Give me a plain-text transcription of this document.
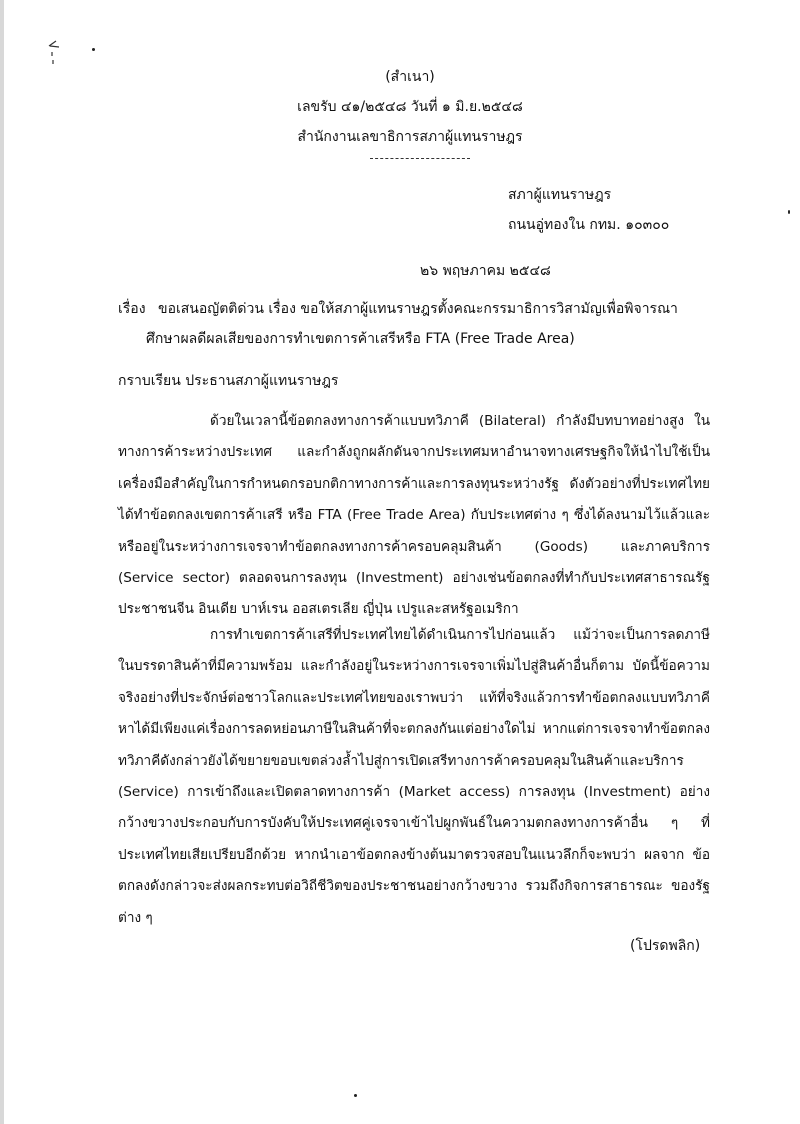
(สำเนา)
เลขรับ ๔๑/๒๕๔๘ วันที่ ๑ มิ.ย.๒๕๔๘
สำนักงานเลขาธิการสภาผู้แทนราษฎร
สภาผู้แทนราษฎร
ถนนอู่ทองใน กทม. ๑๐๓๐๐
๒๖ พฤษภาคม ๒๕๔๘
เรื่อง ขอเสนอญัตติด่วน เรื่อง ขอให้สภาผู้แทนราษฎรตั้งคณะกรรมาธิการวิสามัญเพื่อพิจารณา
ศึกษาผลดีผลเสียของการทำเขตการค้าเสรีหรือ FTA (Free Trade Area)
กราบเรียน ประธานสภาผู้แทนราษฎร
ด้วยในเวลานี้ข้อตกลงทางการค้าแบบทวิภาคี (Bilateral) กำลังมีบทบาทอย่างสูง ในทางการค้าระหว่างประเทศ และกำลังถูกผลักดันจากประเทศมหาอำนาจทางเศรษฐกิจให้นำไปใช้เป็น เครื่องมือสำคัญในการกำหนดกรอบกติกาทางการค้าและการลงทุนระหว่างรัฐ ดังตัวอย่างที่ประเทศไทย ได้ทำข้อตกลงเขตการค้าเสรี หรือ FTA (Free Trade Area) กับประเทศต่าง ๆ ซึ่งได้ลงนามไว้แล้วและ หรืออยู่ในระหว่างการเจรจาทำข้อตกลงทางการค้าครอบคลุมสินค้า (Goods) และภาคบริการ (Service sector) ตลอดจนการลงทุน (Investment) อย่างเช่นข้อตกลงที่ทำกับประเทศสาธารณรัฐประชาชนจีน อินเดีย บาห์เรน ออสเตรเลีย ญี่ปุ่น เปรูและสหรัฐอเมริกา
การทำเขตการค้าเสรีที่ประเทศไทยได้ดำเนินการไปก่อนแล้ว แม้ว่าจะเป็นการลดภาษี ในบรรดาสินค้าที่มีความพร้อม และกำลังอยู่ในระหว่างการเจรจาเพิ่มไปสู่สินค้าอื่นก็ตาม บัดนี้ข้อความ จริงอย่างที่ประจักษ์ต่อชาวโลกและประเทศไทยของเราพบว่า แท้ที่จริงแล้วการทำข้อตกลงแบบทวิภาคี หาได้มีเพียงแค่เรื่องการลดหย่อนภาษีในสินค้าที่จะตกลงกันแต่อย่างใดไม่ หากแต่การเจรจาทำข้อตกลง ทวิภาคีดังกล่าวยังได้ขยายขอบเขตล่วงล้ำไปสู่การเปิดเสรีทางการค้าครอบคลุมในสินค้าและบริการ (Service) การเข้าถึงและเปิดตลาดทางการค้า (Market access) การลงทุน (Investment) อย่าง กว้างขวางประกอบกับการบังคับให้ประเทศคู่เจรจาเข้าไปผูกพันธ์ในความตกลงทางการค้าอื่น ๆ ที่ประเทศไทยเสียเปรียบอีกด้วย หากนำเอาข้อตกลงข้างต้นมาตรวจสอบในแนวลึกก็จะพบว่า ผลจาก ข้อตกลงดังกล่าวจะส่งผลกระทบต่อวิถีชีวิตของประชาชนอย่างกว้างขวาง รวมถึงกิจการสาธารณะ ของรัฐต่าง ๆ
(โปรดพลิก)
